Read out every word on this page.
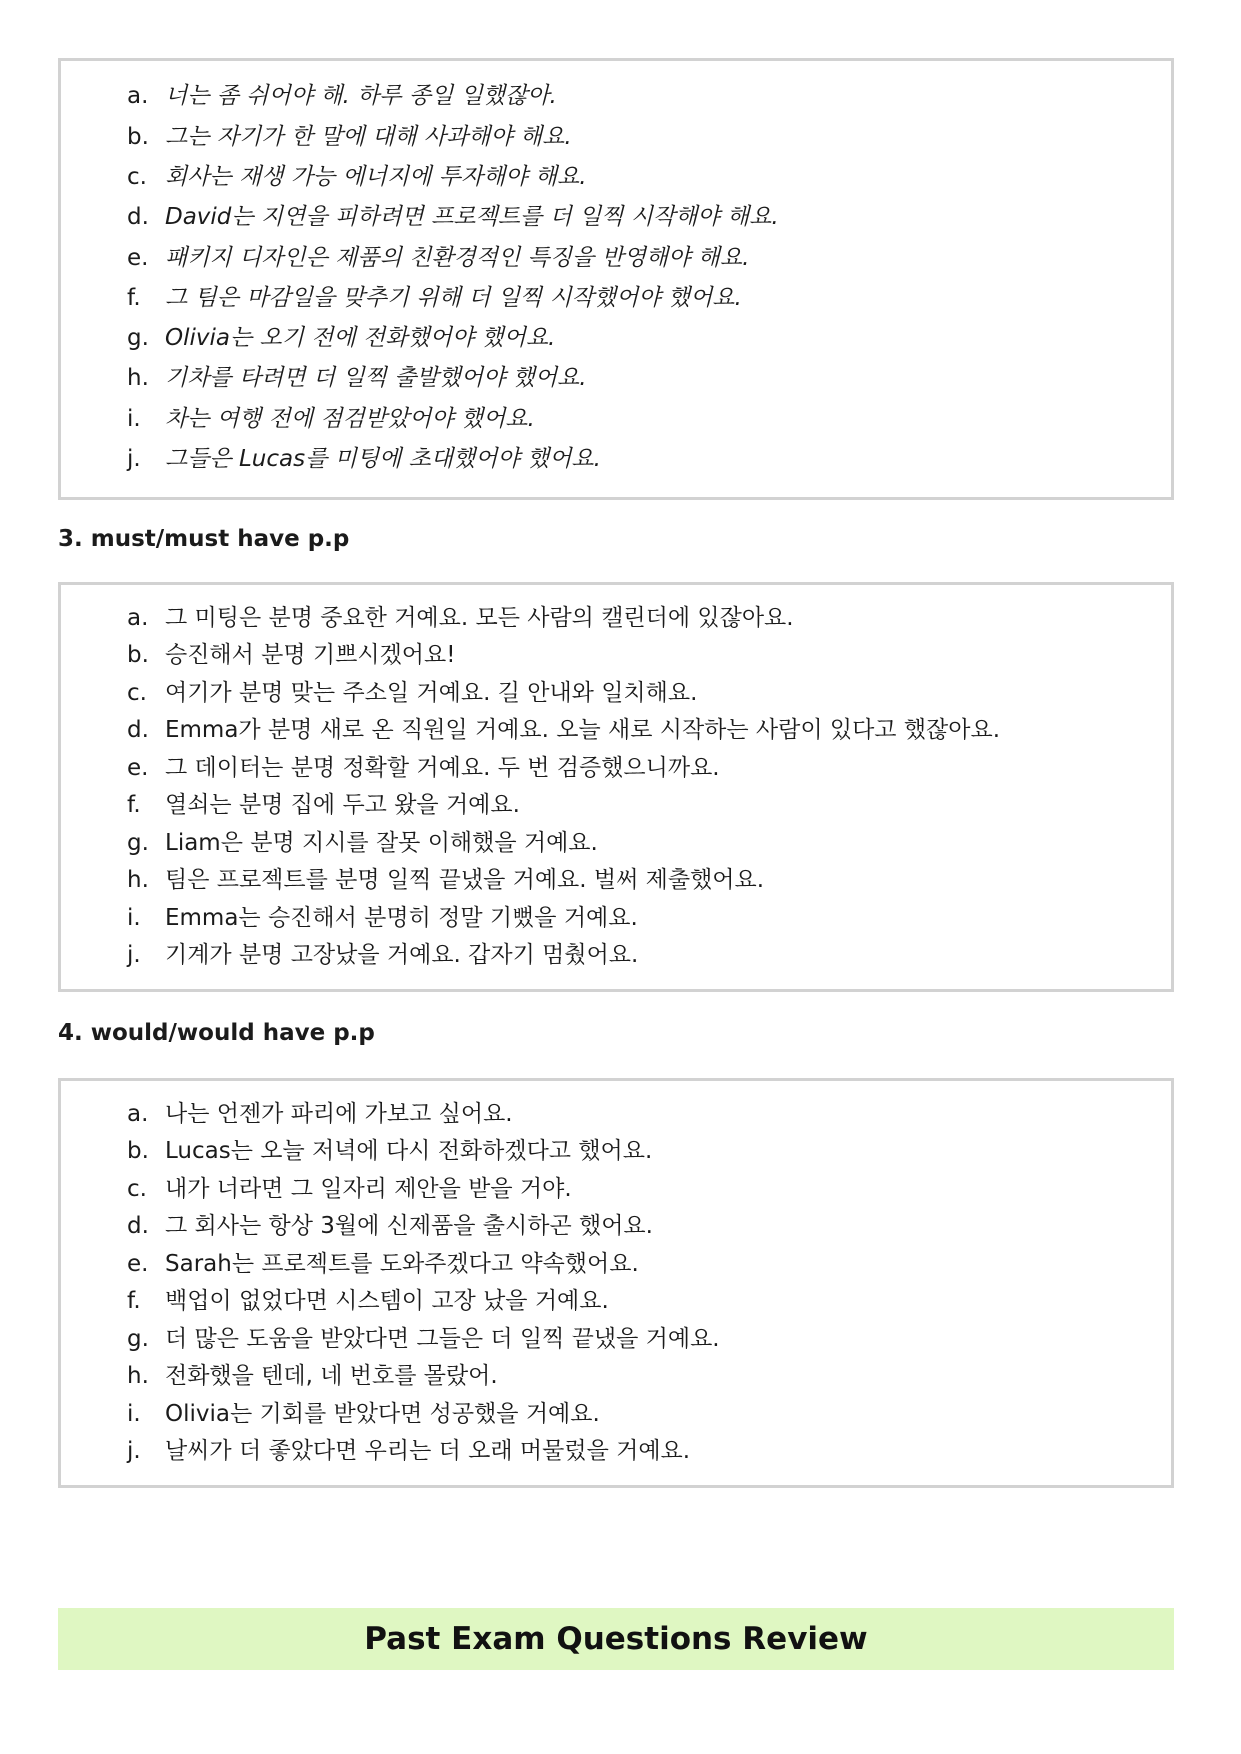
a. 너는 좀 쉬어야 해. 하루 종일 일했잖아.
b. 그는 자기가 한 말에 대해 사과해야 해요.
c. 회사는 재생 가능 에너지에 투자해야 해요.
d. David는 지연을 피하려면 프로젝트를 더 일찍 시작해야 해요.
e. 패키지 디자인은 제품의 친환경적인 특징을 반영해야 해요.
f. 그 팀은 마감일을 맞추기 위해 더 일찍 시작했어야 했어요.
g. Olivia는 오기 전에 전화했어야 했어요.
h. 기차를 타려면 더 일찍 출발했어야 했어요.
i. 차는 여행 전에 점검받았어야 했어요.
j. 그들은 Lucas를 미팅에 초대했어야 했어요.
3. must/must have p.p
a. 그 미팅은 분명 중요한 거예요. 모든 사람의 캘린더에 있잖아요.
b. 승진해서 분명 기쁘시겠어요!
c. 여기가 분명 맞는 주소일 거예요. 길 안내와 일치해요.
d. Emma가 분명 새로 온 직원일 거예요. 오늘 새로 시작하는 사람이 있다고 했잖아요.
e. 그 데이터는 분명 정확할 거예요. 두 번 검증했으니까요.
f. 열쇠는 분명 집에 두고 왔을 거예요.
g. Liam은 분명 지시를 잘못 이해했을 거예요.
h. 팀은 프로젝트를 분명 일찍 끝냈을 거예요. 벌써 제출했어요.
i. Emma는 승진해서 분명히 정말 기뻤을 거예요.
j. 기계가 분명 고장났을 거예요. 갑자기 멈췄어요.
4. would/would have p.p
a. 나는 언젠가 파리에 가보고 싶어요.
b. Lucas는 오늘 저녁에 다시 전화하겠다고 했어요.
c. 내가 너라면 그 일자리 제안을 받을 거야.
d. 그 회사는 항상 3월에 신제품을 출시하곤 했어요.
e. Sarah는 프로젝트를 도와주겠다고 약속했어요.
f. 백업이 없었다면 시스템이 고장 났을 거예요.
g. 더 많은 도움을 받았다면 그들은 더 일찍 끝냈을 거예요.
h. 전화했을 텐데, 네 번호를 몰랐어.
i. Olivia는 기회를 받았다면 성공했을 거예요.
j. 날씨가 더 좋았다면 우리는 더 오래 머물렀을 거예요.
Past Exam Questions Review
